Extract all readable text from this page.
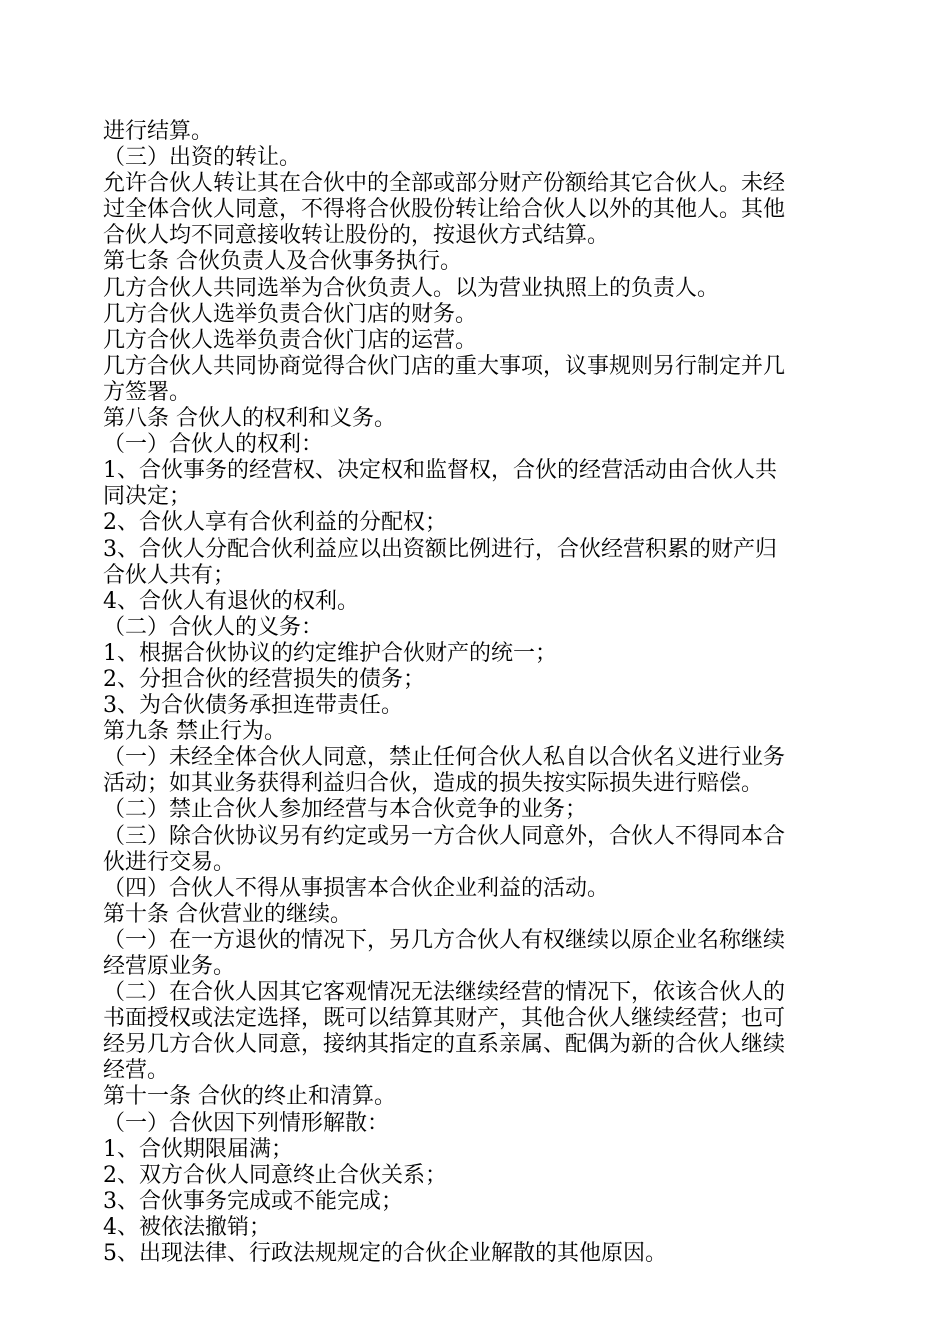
进行结算。
（三）出资的转让。
允许合伙人转让其在合伙中的全部或部分财产份额给其它合伙人。未经
过全体合伙人同意，不得将合伙股份转让给合伙人以外的其他人。其他
合伙人均不同意接收转让股份的，按退伙方式结算。
第七条 合伙负责人及合伙事务执行。
几方合伙人共同选举为合伙负责人。以为营业执照上的负责人。
几方合伙人选举负责合伙门店的财务。
几方合伙人选举负责合伙门店的运营。
几方合伙人共同协商觉得合伙门店的重大事项，议事规则另行制定并几
方签署。
第八条 合伙人的权利和义务。
（一）合伙人的权利：
1、合伙事务的经营权、决定权和监督权，合伙的经营活动由合伙人共
同决定；
2、合伙人享有合伙利益的分配权；
3、合伙人分配合伙利益应以出资额比例进行，合伙经营积累的财产归
合伙人共有；
4、合伙人有退伙的权利。
（二）合伙人的义务：
1、根据合伙协议的约定维护合伙财产的统一；
2、分担合伙的经营损失的债务；
3、为合伙债务承担连带责任。
第九条 禁止行为。
（一）未经全体合伙人同意，禁止任何合伙人私自以合伙名义进行业务
活动；如其业务获得利益归合伙，造成的损失按实际损失进行赔偿。
（二）禁止合伙人参加经营与本合伙竞争的业务；
（三）除合伙协议另有约定或另一方合伙人同意外，合伙人不得同本合
伙进行交易。
（四）合伙人不得从事损害本合伙企业利益的活动。
第十条 合伙营业的继续。
（一）在一方退伙的情况下，另几方合伙人有权继续以原企业名称继续
经营原业务。
（二）在合伙人因其它客观情况无法继续经营的情况下，依该合伙人的
书面授权或法定选择，既可以结算其财产，其他合伙人继续经营；也可
经另几方合伙人同意，接纳其指定的直系亲属、配偶为新的合伙人继续
经营。
第十一条 合伙的终止和清算。
（一）合伙因下列情形解散：
1、合伙期限届满；
2、双方合伙人同意终止合伙关系；
3、合伙事务完成或不能完成；
4、被依法撤销；
5、出现法律、行政法规规定的合伙企业解散的其他原因。
